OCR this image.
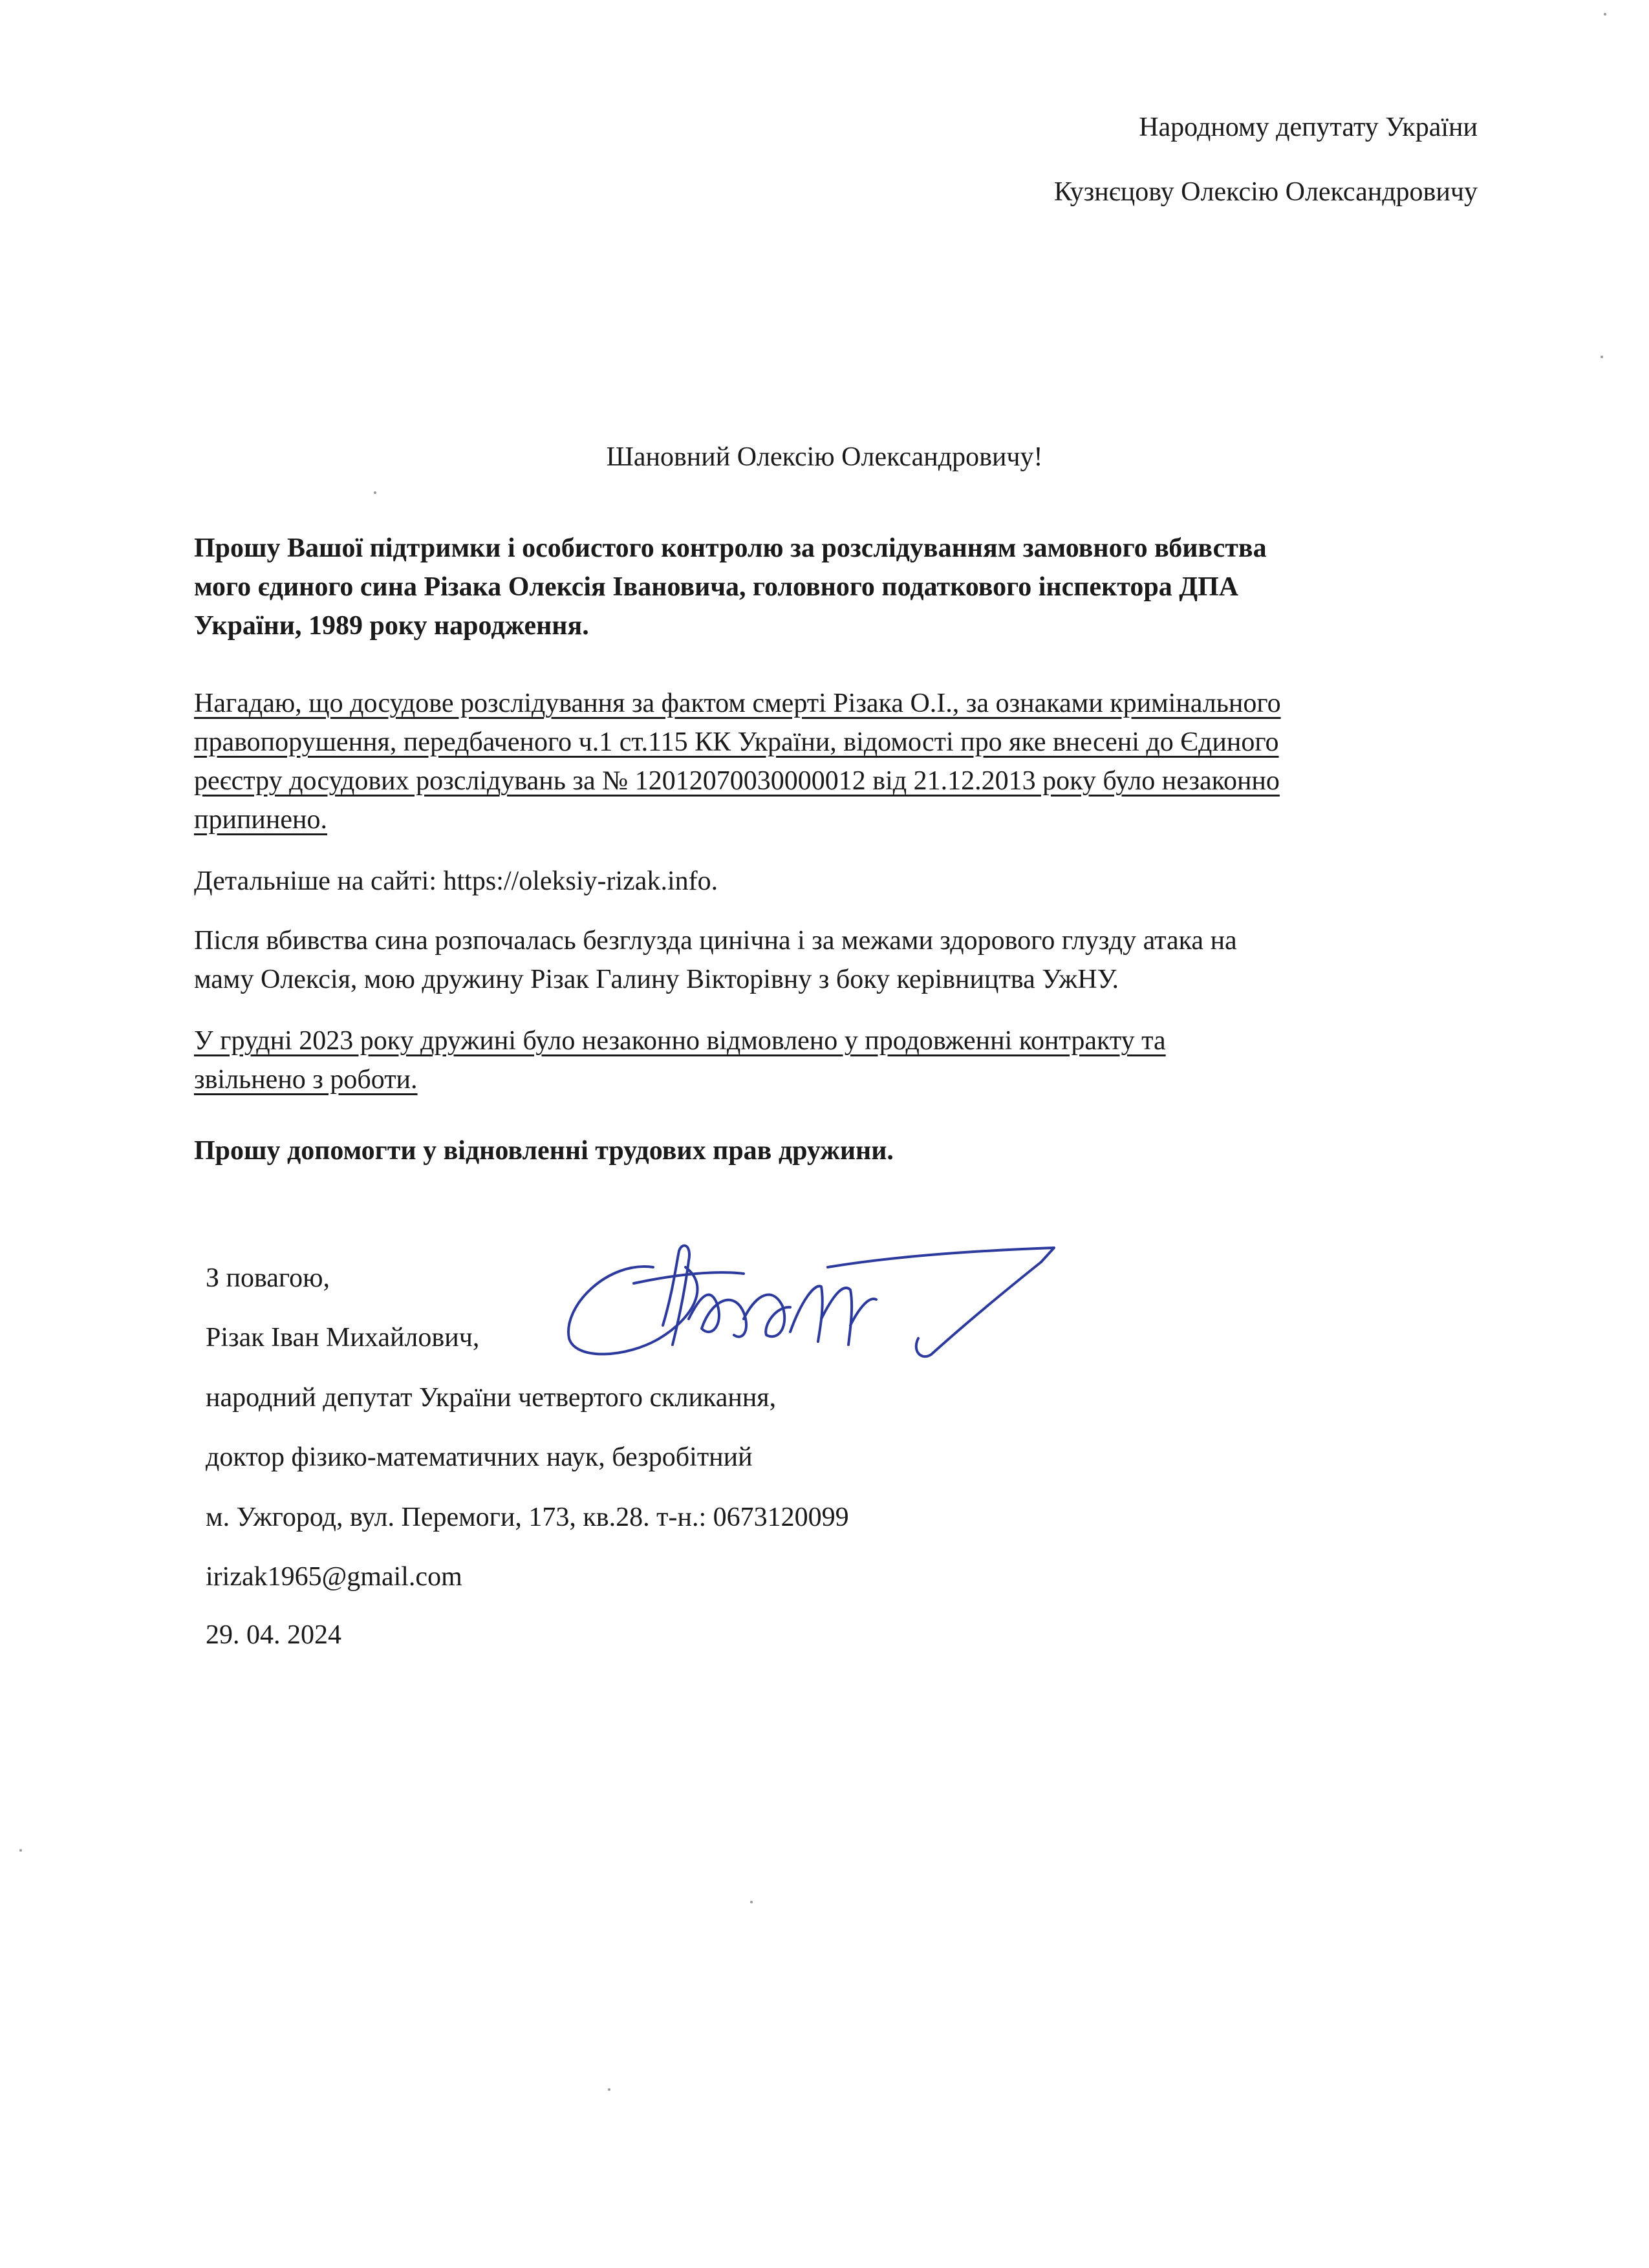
Народному депутату України
Кузнєцову Олексію Олександровичу
Шановний Олексію Олександровичу!
Прошу Вашої підтримки і особистого контролю за розслідуванням замовного вбивства
мого єдиного сина Різака Олексія Івановича, головного податкового інспектора ДПА
України, 1989 року народження.
Нагадаю, що досудове розслідування за фактом смерті Різака О.І., за ознаками кримінального
правопорушення, передбаченого ч.1 ст.115 КК України, відомості про яке внесені до Єдиного
реєстру досудових розслідувань за № 12012070030000012 від 21.12.2013 року було незаконно
припинено.
Детальніше на сайті: https://oleksiy-rizak.info.
Після вбивства сина розпочалась безглузда цинічна і за межами здорового глузду атака на
маму Олексія, мою дружину Різак Галину Вікторівну з боку керівництва УжНУ.
У грудні 2023 року дружині було незаконно відмовлено у продовженні контракту та
звільнено з роботи.
Прошу допомогти у відновленні трудових прав дружини.
З повагою,
Різак Іван Михайлович,
народний депутат України четвертого скликання,
доктор фізико-математичних наук, безробітний
м. Ужгород, вул. Перемоги, 173, кв.28. т-н.: 0673120099
irizak1965@gmail.com
29. 04. 2024
